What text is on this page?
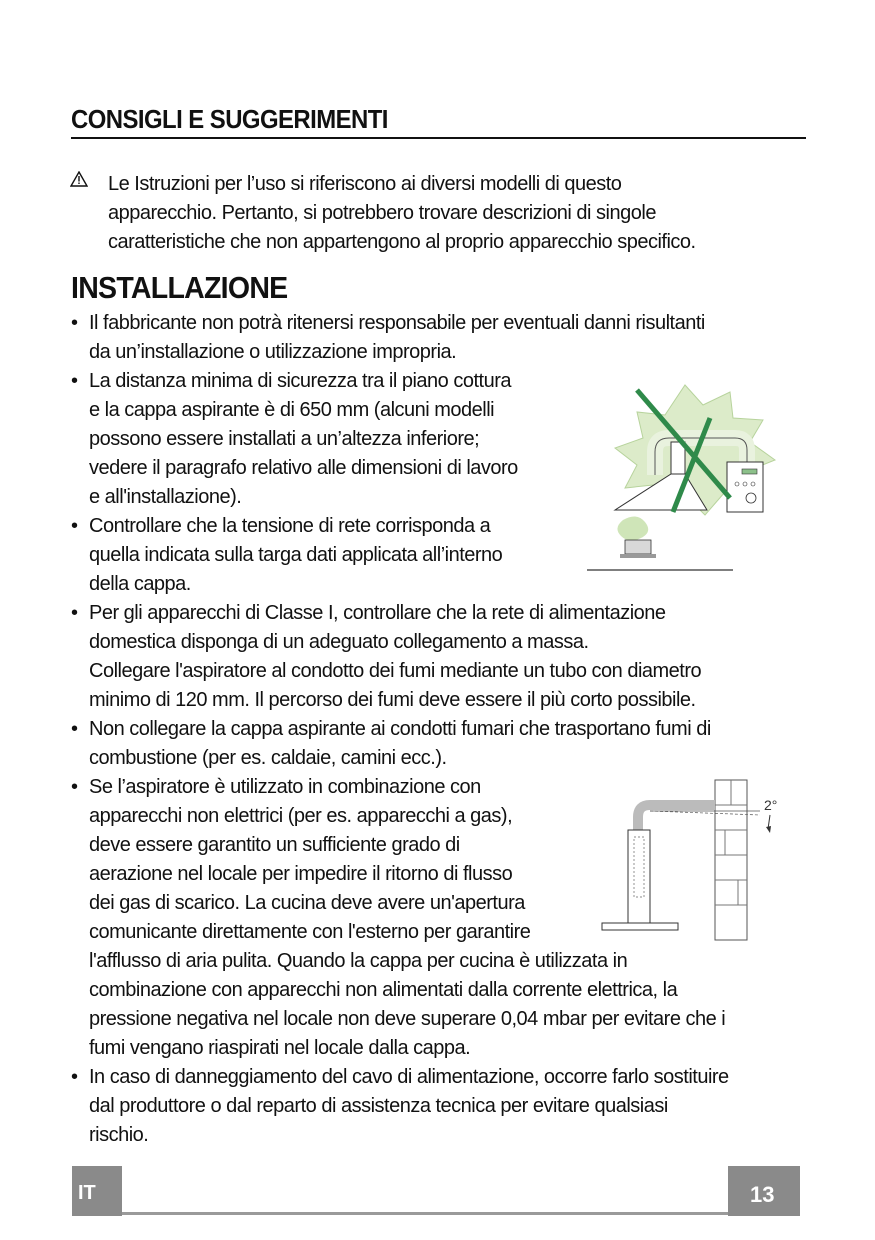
CONSIGLI E SUGGERIMENTI
Le Istruzioni per l’uso si riferiscono ai diversi modelli di questo
apparecchio. Pertanto, si potrebbero trovare descrizioni di singole
caratteristiche che non appartengono al proprio apparecchio specifico.
INSTALLAZIONE
• Il fabbricante non potrà ritenersi responsabile per eventuali danni risultanti
da un’installazione o utilizzazione impropria.
• La distanza minima di sicurezza tra il piano cottura
e la cappa aspirante è di 650 mm (alcuni modelli
possono essere installati a un’altezza inferiore;
vedere il paragrafo relativo alle dimensioni di lavoro
e all'installazione).
• Controllare che la tensione di rete corrisponda a
quella indicata sulla targa dati applicata all’interno
della cappa.
• Per gli apparecchi di Classe I, controllare che la rete di alimentazione
domestica disponga di un adeguato collegamento a massa.
Collegare l'aspiratore al condotto dei fumi mediante un tubo con diametro
minimo di 120 mm. Il percorso dei fumi deve essere il più corto possibile.
• Non collegare la cappa aspirante ai condotti fumari che trasportano fumi di
combustione (per es. caldaie, camini ecc.).
• Se l’aspiratore è utilizzato in combinazione con
apparecchi non elettrici (per es. apparecchi a gas),
deve essere garantito un sufficiente grado di
aerazione nel locale per impedire il ritorno di flusso
dei gas di scarico. La cucina deve avere un'apertura
comunicante direttamente con l'esterno per garantire
l'afflusso di aria pulita. Quando la cappa per cucina è utilizzata in
combinazione con apparecchi non alimentati dalla corrente elettrica, la
pressione negativa nel locale non deve superare 0,04 mbar per evitare che i
fumi vengano riaspirati nel locale dalla cappa.
• In caso di danneggiamento del cavo di alimentazione, occorre farlo sostituire
dal produttore o dal reparto di assistenza tecnica per evitare qualsiasi
rischio.
2°
IT	13
